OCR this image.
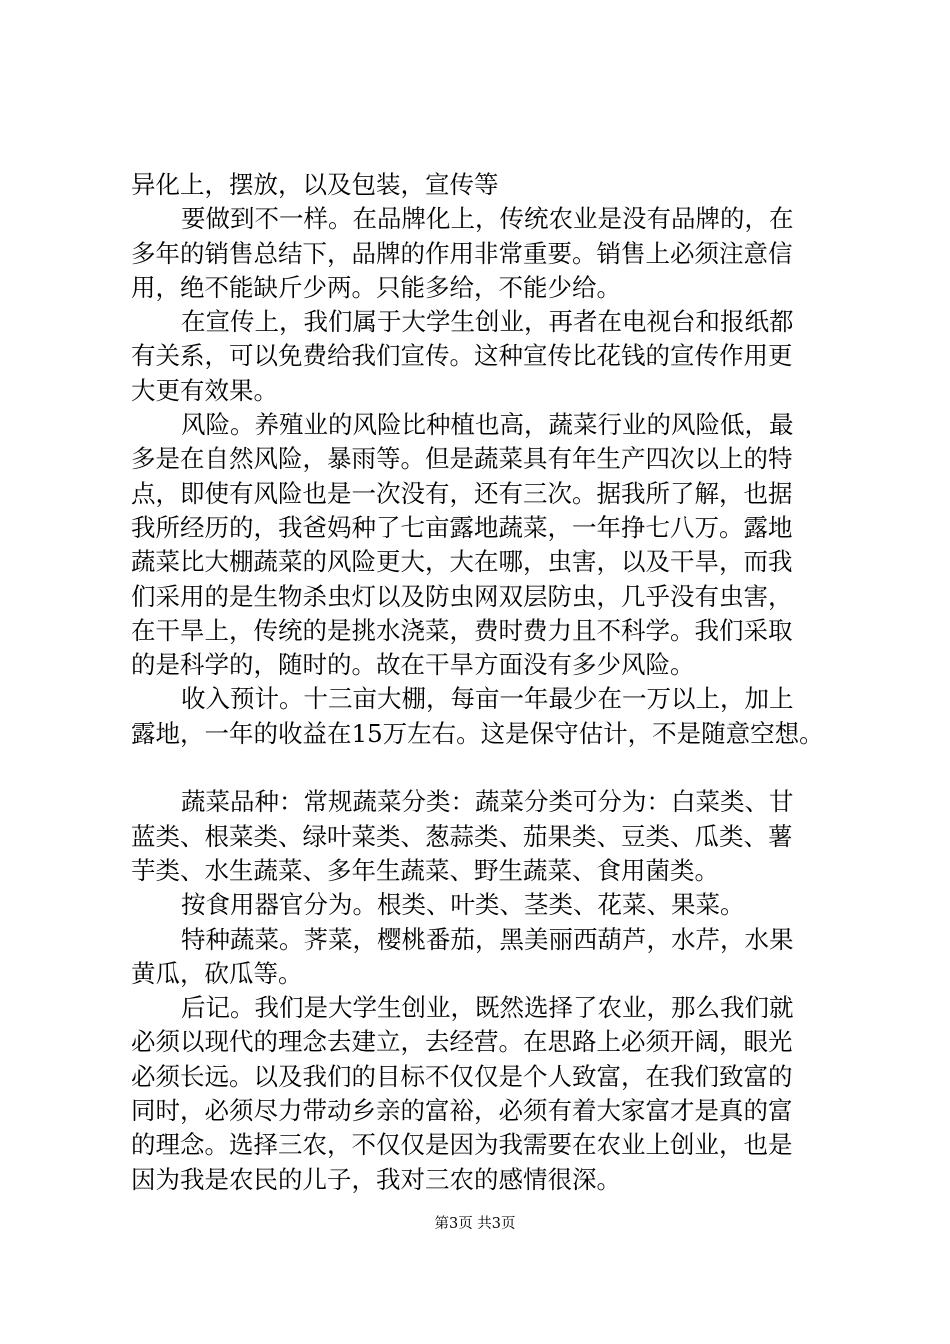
异化上，摆放，以及包装，宣传等
要做到不一样。在品牌化上，传统农业是没有品牌的，在
多年的销售总结下，品牌的作用非常重要。销售上必须注意信
用，绝不能缺斤少两。只能多给，不能少给。
在宣传上，我们属于大学生创业，再者在电视台和报纸都
有关系，可以免费给我们宣传。这种宣传比花钱的宣传作用更
大更有效果。
风险。养殖业的风险比种植也高，蔬菜行业的风险低，最
多是在自然风险，暴雨等。但是蔬菜具有年生产四次以上的特
点，即使有风险也是一次没有，还有三次。据我所了解，也据
我所经历的，我爸妈种了七亩露地蔬菜，一年挣七八万。露地
蔬菜比大棚蔬菜的风险更大，大在哪，虫害，以及干旱，而我
们采用的是生物杀虫灯以及防虫网双层防虫，几乎没有虫害，
在干旱上，传统的是挑水浇菜，费时费力且不科学。我们采取
的是科学的，随时的。故在干旱方面没有多少风险。
收入预计。十三亩大棚，每亩一年最少在一万以上，加上
露地，一年的收益在15万左右。这是保守估计，不是随意空想。
蔬菜品种：常规蔬菜分类：蔬菜分类可分为：白菜类、甘
蓝类、根菜类、绿叶菜类、葱蒜类、茄果类、豆类、瓜类、薯
芋类、水生蔬菜、多年生蔬菜、野生蔬菜、食用菌类。
按食用器官分为。根类、叶类、茎类、花菜、果菜。
特种蔬菜。荠菜，樱桃番茄，黑美丽西葫芦，水芹，水果
黄瓜，砍瓜等。
后记。我们是大学生创业，既然选择了农业，那么我们就
必须以现代的理念去建立，去经营。在思路上必须开阔，眼光
必须长远。以及我们的目标不仅仅是个人致富，在我们致富的
同时，必须尽力带动乡亲的富裕，必须有着大家富才是真的富
的理念。选择三农，不仅仅是因为我需要在农业上创业，也是
因为我是农民的儿子，我对三农的感情很深。
第3页 共3页
